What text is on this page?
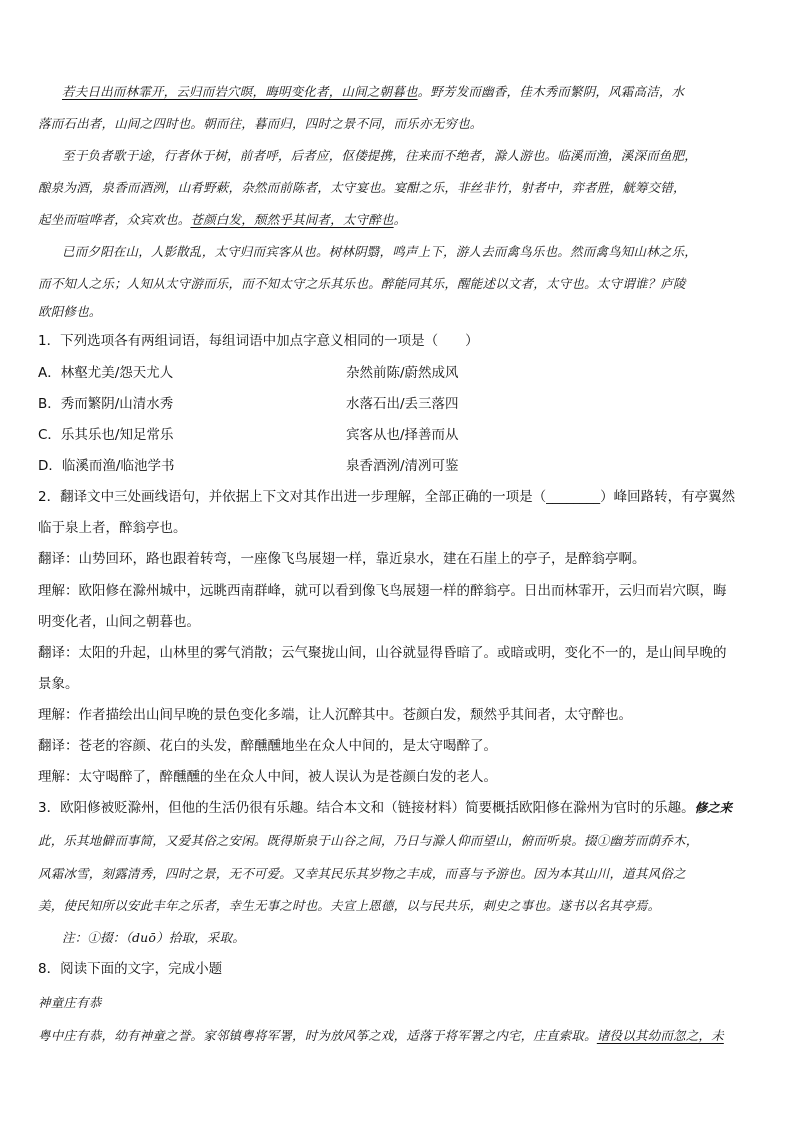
若夫日出而林霏开，云归而岩穴暝，晦明变化者，山间之朝暮也。野芳发而幽香，佳木秀而繁阴，风霜高洁，水
落而石出者，山间之四时也。朝而往，暮而归，四时之景不同，而乐亦无穷也。
至于负者歌于途，行者休于树，前者呼，后者应，伛偻提携，往来而不绝者，滁人游也。临溪而渔，溪深而鱼肥，
酿泉为酒，泉香而酒洌，山肴野蔌，杂然而前陈者，太守宴也。宴酣之乐，非丝非竹，射者中，弈者胜，觥筹交错，
起坐而喧哗者，众宾欢也。苍颜白发，颓然乎其间者，太守醉也。
已而夕阳在山，人影散乱，太守归而宾客从也。树林阴翳，鸣声上下，游人去而禽鸟乐也。然而禽鸟知山林之乐，
而不知人之乐；人知从太守游而乐，而不知太守之乐其乐也。醉能同其乐，醒能述以文者，太守也。太守谓谁？庐陵
欧阳修也。
1．下列选项各有两组词语，每组词语中加点字意义相同的一项是（　　）
A．林壑尤美/怨天尤人	杂然前陈/蔚然成风
B．秀而繁阴/山清水秀	水落石出/丢三落四
C．乐其乐也/知足常乐	宾客从也/择善而从
D．临溪而渔/临池学书	泉香酒洌/清冽可鉴
2．翻译文中三处画线语句，并依据上下文对其作出进一步理解，全部正确的一项是（________）峰回路转，有亭翼然
临于泉上者，醉翁亭也。
翻译：山势回环，路也跟着转弯，一座像飞鸟展翅一样，靠近泉水，建在石崖上的亭子，是醉翁亭啊。
理解：欧阳修在滁州城中，远眺西南群峰，就可以看到像飞鸟展翅一样的醉翁亭。日出而林霏开，云归而岩穴暝，晦
明变化者，山间之朝暮也。
翻译：太阳的升起，山林里的雾气消散；云气聚拢山间，山谷就显得昏暗了。或暗或明，变化不一的，是山间早晚的
景象。
理解：作者描绘出山间早晚的景色变化多端，让人沉醉其中。苍颜白发，颓然乎其间者，太守醉也。
翻译：苍老的容颜、花白的头发，醉醺醺地坐在众人中间的，是太守喝醉了。
理解：太守喝醉了，醉醺醺的坐在众人中间，被人误认为是苍颜白发的老人。
3．欧阳修被贬滁州，但他的生活仍很有乐趣。结合本文和（链接材料）简要概括欧阳修在滁州为官时的乐趣。修之来
此，乐其地僻而事简，又爱其俗之安闲。既得斯泉于山谷之间，乃日与滁人仰而望山，俯而听泉。掇①幽芳而荫乔木，
风霜冰雪，刻露清秀，四时之景，无不可爱。又幸其民乐其岁物之丰成，而喜与予游也。因为本其山川，道其风俗之
美，使民知所以安此丰年之乐者，幸生无事之时也。夫宣上恩德，以与民共乐，刺史之事也。遂书以名其亭焉。
注：①掇：（duō）拾取，采取。
8．阅读下面的文字，完成小题
神童庄有恭
粤中庄有恭，幼有神童之誉。家邻镇粤将军署，时为放风筝之戏，适落于将军署之内宅，庄直索取。诸役以其幼而忽之，未
